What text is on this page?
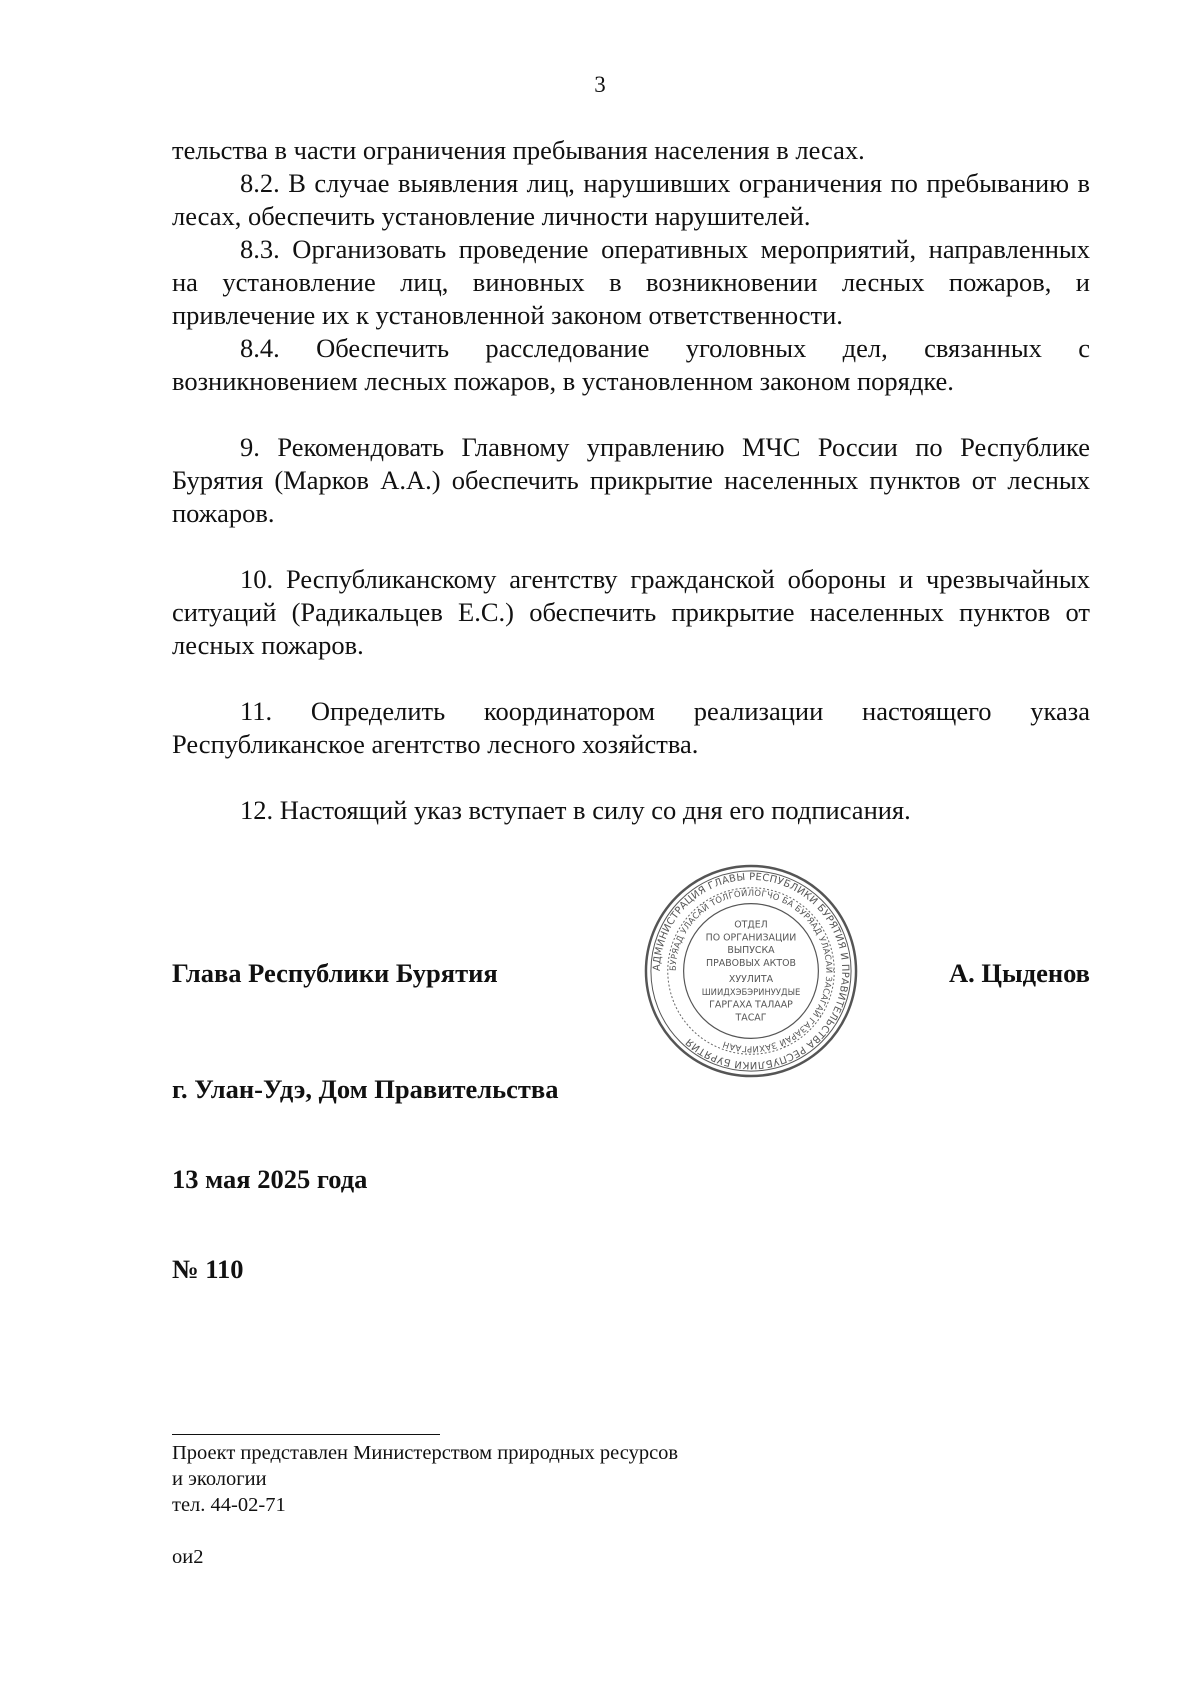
3

тельства в части ограничения пребывания населения в лесах.

8.2. В случае выявления лиц, нарушивших ограничения по пребыванию в лесах, обеспечить установление личности нарушителей.

8.3. Организовать проведение оперативных мероприятий, направленных на установление лиц, виновных в возникновении лесных пожаров, и привлечение их к установленной законом ответственности.

8.4. Обеспечить расследование уголовных дел, связанных с возникновением лесных пожаров, в установленном законом порядке.

9. Рекомендовать Главному управлению МЧС России по Республике Бурятия (Марков А.А.) обеспечить прикрытие населенных пунктов от лесных пожаров.

10. Республиканскому агентству гражданской обороны и чрезвычайных ситуаций (Радикальцев Е.С.) обеспечить прикрытие населенных пунктов от лесных пожаров.

11. Определить координатором реализации настоящего указа Республиканское агентство лесного хозяйства.

12. Настоящий указ вступает в силу со дня его подписания.

Глава Республики Бурятия	А. Цыденов
АДМИНИСТРАЦИЯ ГЛАВЫ РЕСПУБЛИКИ БУРЯТИЯ И ПРАВИТЕЛЬСТВА РЕСПУБЛИКИ БУРЯТИЯ
БУРЯАД УЛАСАЙ ТОЛГОЙЛОГЧО БА БУРЯАД УЛАСАЙ ЗАСАГАЙ ГАЗАРАЙ ЗАХИРГААН
ОТДЕЛ
ПО ОРГАНИЗАЦИИ
ВЫПУСКА
ПРАВОВЫХ АКТОВ
ХУУЛИТА
ШИИДХЭБЭРИНУУДЫЕ
ГАРГАХА ТАЛААР
ТАСАГ
г. Улан-Удэ, Дом Правительства
13 мая 2025 года
№ 110

Проект представлен Министерством природных ресурсов

и экологии

тел. 44-02-71

ои2
